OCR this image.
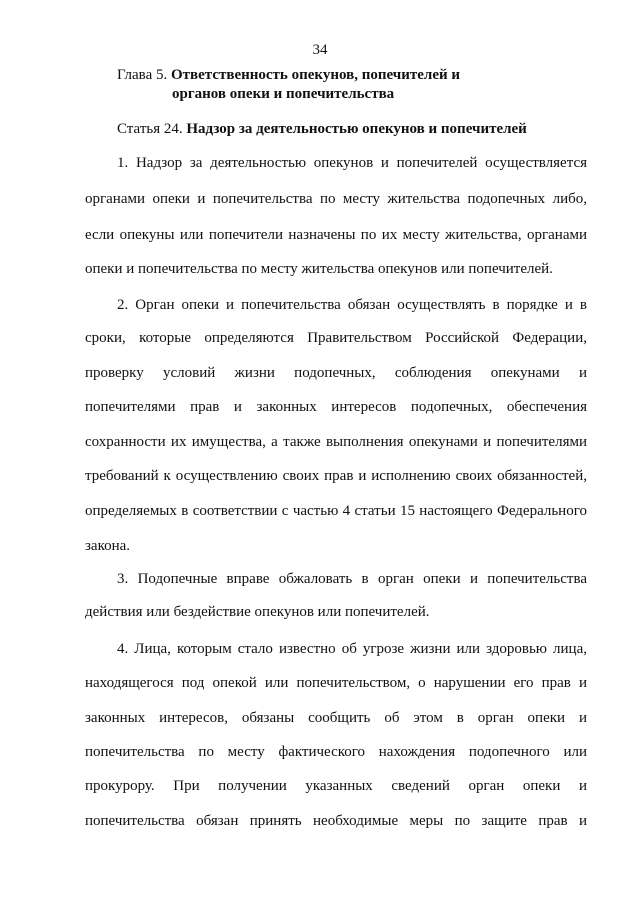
34
Глава 5. Ответственность опекунов, попечителей и
органов опеки и попечительства
Статья 24. Надзор за деятельностью опекунов и попечителей
1. Надзор за деятельностью опекунов и попечителей осуществляется
органами опеки и попечительства по месту жительства подопечных либо,
если опекуны или попечители назначены по их месту жительства, органами
опеки и попечительства по месту жительства опекунов или попечителей.
2. Орган опеки и попечительства обязан осуществлять в порядке и в
сроки, которые определяются Правительством Российской Федерации,
проверку условий жизни подопечных, соблюдения опекунами и
попечителями прав и законных интересов подопечных, обеспечения
сохранности их имущества, а также выполнения опекунами и попечителями
требований к осуществлению своих прав и исполнению своих обязанностей,
определяемых в соответствии с частью 4 статьи 15 настоящего Федерального
закона.
3. Подопечные вправе обжаловать в орган опеки и попечительства
действия или бездействие опекунов или попечителей.
4. Лица, которым стало известно об угрозе жизни или здоровью лица,
находящегося под опекой или попечительством, о нарушении его прав и
законных интересов, обязаны сообщить об этом в орган опеки и
попечительства по месту фактического нахождения подопечного или
прокурору. При получении указанных сведений орган опеки и
попечительства обязан принять необходимые меры по защите прав и
